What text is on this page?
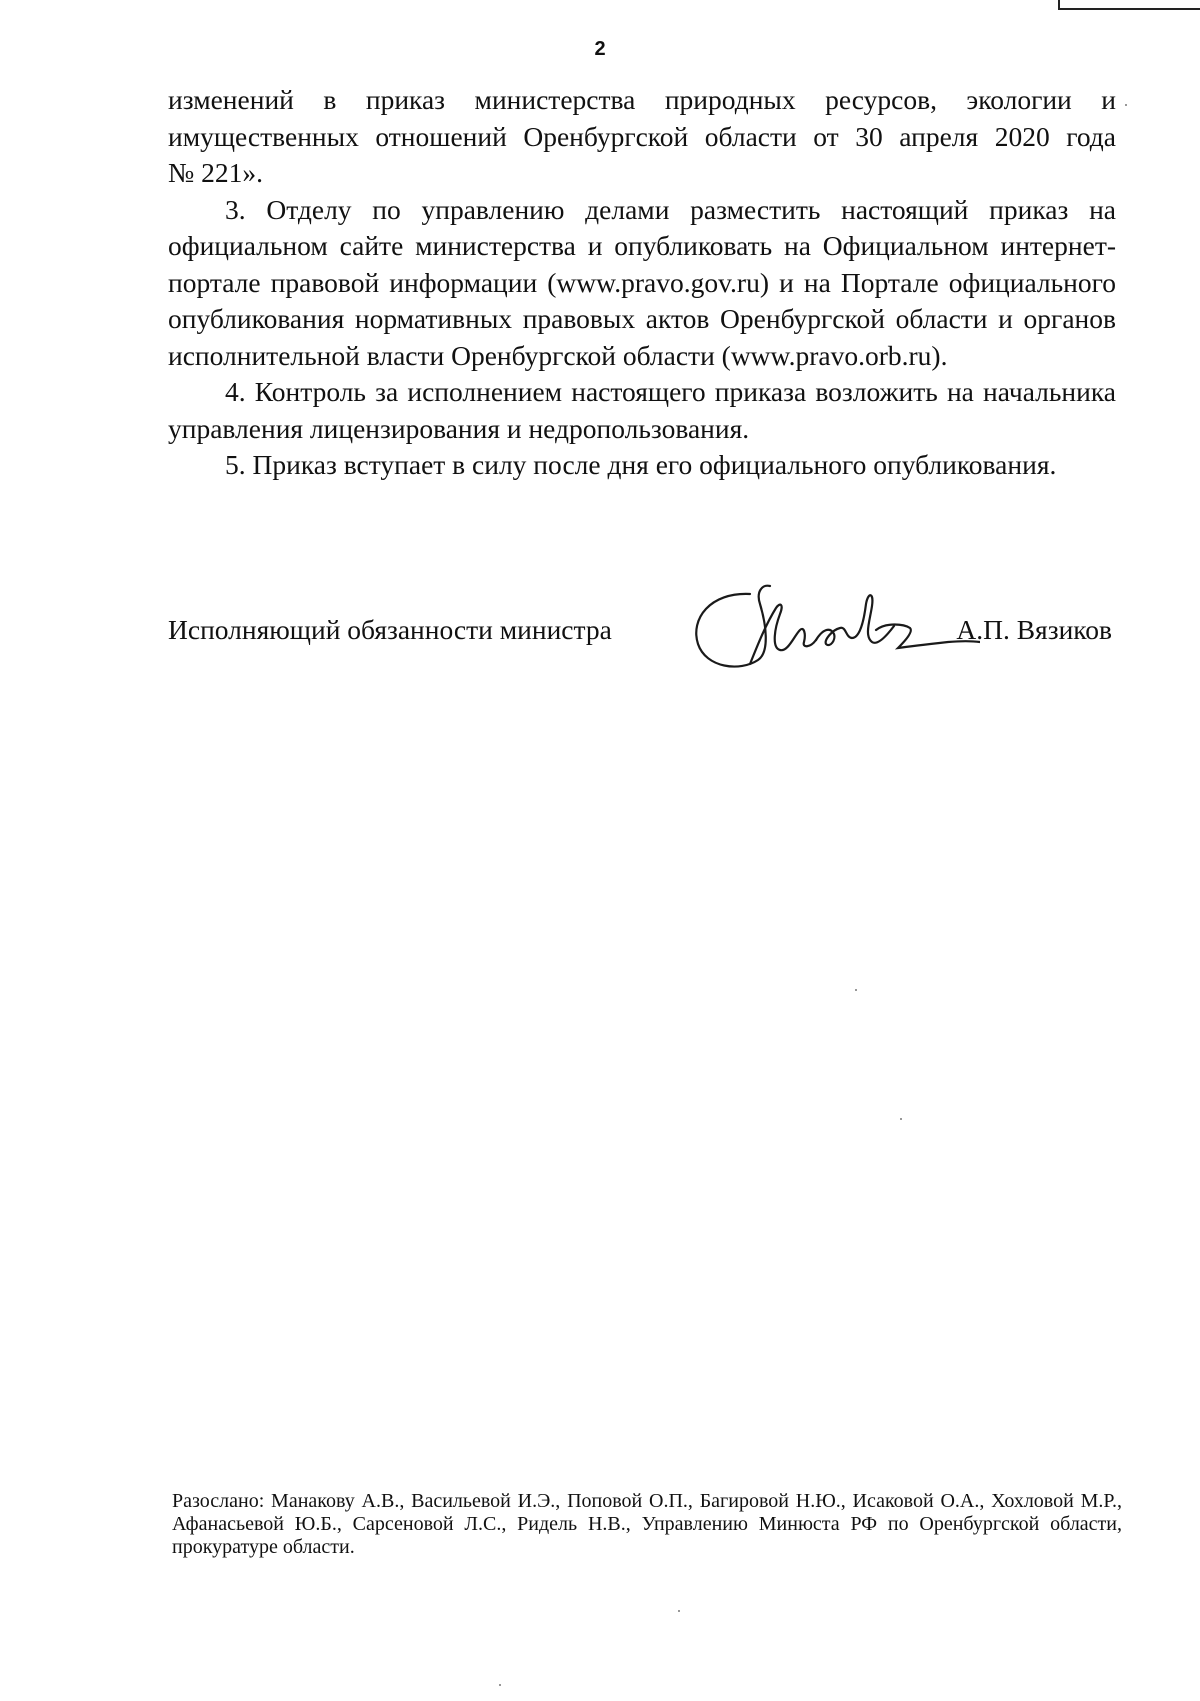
2

изменений в приказ министерства природных ресурсов, экологии и
имущественных отношений Оренбургской области от 30 апреля 2020 года
№ 221».

3. Отделу по управлению делами разместить настоящий приказ на официальном сайте министерства и опубликовать на Официальном интернет-портале правовой информации (www.pravo.gov.ru) и на Портале официального опубликования нормативных правовых актов Оренбургской области и органов исполнительной власти Оренбургской области (www.pravo.orb.ru).

4. Контроль за исполнением настоящего приказа возложить на начальника управления лицензирования и недропользования.

5. Приказ вступает в силу после дня его официального опубликования.

Исполняющий обязанности министра	А.П. Вязиков
Разослано: Манакову А.В., Васильевой И.Э., Поповой О.П., Багировой Н.Ю., Исаковой О.А., Хохловой М.Р., Афанасьевой Ю.Б., Сарсеновой Л.С., Ридель Н.В., Управлению Минюста РФ по Оренбургской области, прокуратуре области.
